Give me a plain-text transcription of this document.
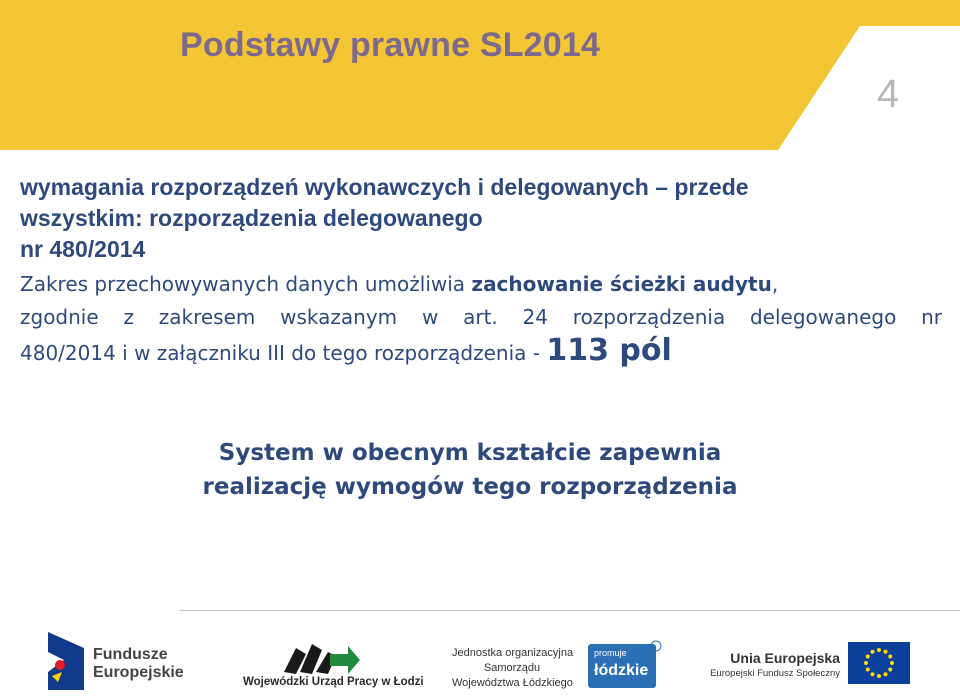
Podstawy prawne SL2014
4

wymagania rozporządzeń wykonawczych i delegowanych – przede
wszystkim: rozporządzenia delegowanego
nr 480/2014

Zakres przechowywanych danych umożliwia zachowanie ścieżki audytu,
zgodnie z zakresem wskazanym w art. 24 rozporządzenia delegowanego nr
480/2014 i w załączniku III do tego rozporządzenia - 113 pól

System w obecnym kształcie zapewnia
realizację wymogów tego rozporządzenia

Fundusze
Europejskie
Wojewódzki Urząd Pracy w Łodzi
Jednostka organizacyjna
Samorządu
Województwa Łódzkiego
promuje
łódzkie
Unia Europejska
Europejski Fundusz Społeczny
